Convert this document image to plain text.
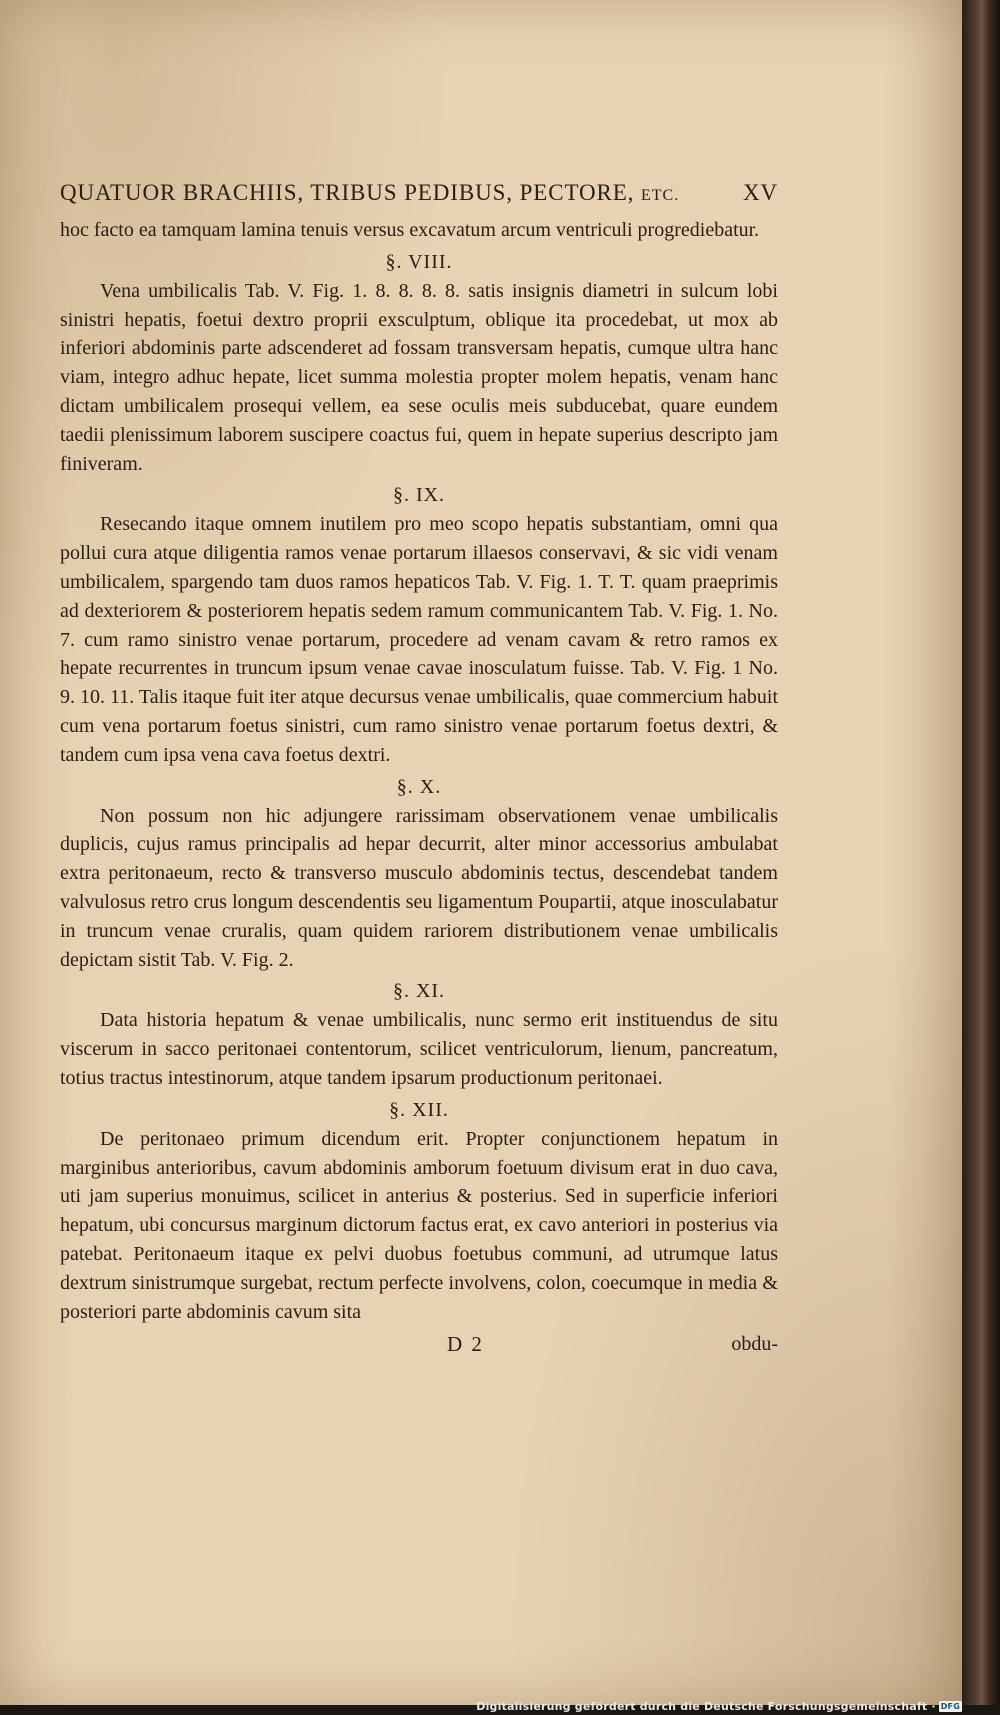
QUATUOR BRACHIIS, TRIBUS PEDIBUS, PECTORE, ETC.	XV

hoc facto ea tamquam lamina tenuis versus excavatum arcum ventriculi progrediebatur.

§. VIII.

Vena umbilicalis Tab. V. Fig. 1. 8. 8. 8. 8. satis insignis diametri in sulcum lobi sinistri hepatis, foetui dextro proprii exsculptum, oblique ita procedebat, ut mox ab inferiori abdominis parte adscenderet ad fossam transversam hepatis, cumque ultra hanc viam, integro adhuc hepate, licet summa molestia propter molem hepatis, venam hanc dictam umbilicalem prosequi vellem, ea sese oculis meis subducebat, quare eundem taedii plenissimum laborem suscipere coactus fui, quem in hepate superius descripto jam finiveram.

§. IX.

Resecando itaque omnem inutilem pro meo scopo hepatis substantiam, omni qua pollui cura atque diligentia ramos venae portarum illaesos conservavi, & sic vidi venam umbilicalem, spargendo tam duos ramos hepaticos Tab. V. Fig. 1. T. T. quam praeprimis ad dexteriorem & posteriorem hepatis sedem ramum communicantem Tab. V. Fig. 1. No. 7. cum ramo sinistro venae portarum, procedere ad venam cavam & retro ramos ex hepate recurrentes in truncum ipsum venae cavae inosculatum fuisse. Tab. V. Fig. 1 No. 9. 10. 11. Talis itaque fuit iter atque decursus venae umbilicalis, quae commercium habuit cum vena portarum foetus sinistri, cum ramo sinistro venae portarum foetus dextri, & tandem cum ipsa vena cava foetus dextri.

§. X.

Non possum non hic adjungere rarissimam observationem venae umbilicalis duplicis, cujus ramus principalis ad hepar decurrit, alter minor accessorius ambulabat extra peritonaeum, recto & transverso musculo abdominis tectus, descendebat tandem valvulosus retro crus longum descendentis seu ligamentum Poupartii, atque inosculabatur in truncum venae cruralis, quam quidem rariorem distributionem venae umbilicalis depictam sistit Tab. V. Fig. 2.

§. XI.

Data historia hepatum & venae umbilicalis, nunc sermo erit instituendus de situ viscerum in sacco peritonaei contentorum, scilicet ventriculorum, lienum, pancreatum, totius tractus intestinorum, atque tandem ipsarum productionum peritonaei.

§. XII.

De peritonaeo primum dicendum erit. Propter conjunctionem hepatum in marginibus anterioribus, cavum abdominis amborum foetuum divisum erat in duo cava, uti jam superius monuimus, scilicet in anterius & posterius. Sed in superficie inferiori hepatum, ubi concursus marginum dictorum factus erat, ex cavo anteriori in posterius via patebat. Peritonaeum itaque ex pelvi duobus foetubus communi, ad utrumque latus dextrum sinistrumque surgebat, rectum perfecte involvens, colon, coecumque in media & posteriori parte abdominis cavum sita

D 2	obdu-
Digitalisierung gefördert durch die Deutsche Forschungsgemeinschaft · DFG
